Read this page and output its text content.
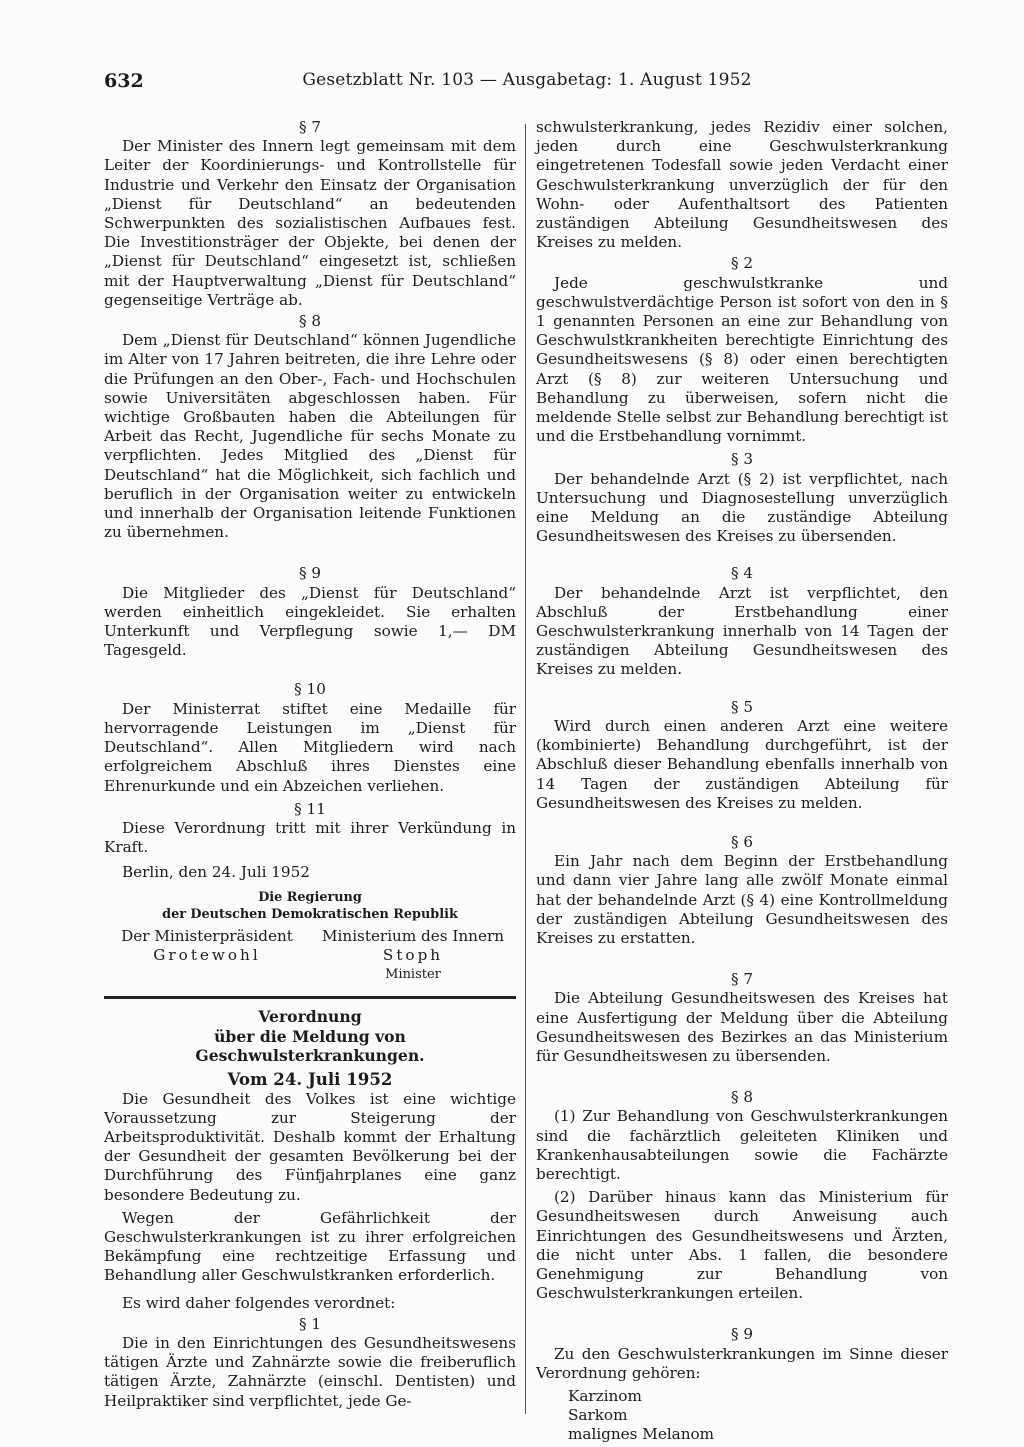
632	Gesetzblatt Nr. 103 — Ausgabetag: 1. August 1952

§ 7

Der Minister des Innern legt gemeinsam mit dem Leiter der Koordinierungs- und Kontrollstelle für Industrie und Verkehr den Einsatz der Organisation „Dienst für Deutschland“ an bedeutenden Schwerpunkten des sozialistischen Aufbaues fest. Die Investitionsträger der Objekte, bei denen der „Dienst für Deutschland“ eingesetzt ist, schließen mit der Hauptverwaltung „Dienst für Deutschland“ gegenseitige Verträge ab.

§ 8

Dem „Dienst für Deutschland“ können Jugendliche im Alter von 17 Jahren beitreten, die ihre Lehre oder die Prüfungen an den Ober-, Fach- und Hochschulen sowie Universitäten abgeschlossen haben. Für wichtige Großbauten haben die Abteilungen für Arbeit das Recht, Jugendliche für sechs Monate zu verpflichten. Jedes Mitglied des „Dienst für Deutschland“ hat die Möglichkeit, sich fachlich und beruflich in der Organisation weiter zu entwickeln und innerhalb der Organisation leitende Funktionen zu übernehmen.

§ 9

Die Mitglieder des „Dienst für Deutschland“ werden einheitlich eingekleidet. Sie erhalten Unterkunft und Verpflegung sowie 1,— DM Tagesgeld.

§ 10

Der Ministerrat stiftet eine Medaille für hervorragende Leistungen im „Dienst für Deutschland“. Allen Mitgliedern wird nach erfolgreichem Abschluß ihres Dienstes eine Ehrenurkunde und ein Abzeichen verliehen.

§ 11

Diese Verordnung tritt mit ihrer Verkündung in Kraft.

Berlin, den 24. Juli 1952

Die Regierung

der Deutschen Demokratischen Republik

Der Ministerpräsident
Grotewohl
Ministerium des Innern
Stoph
Minister

Verordnung

über die Meldung von Geschwulsterkrankungen.

Vom 24. Juli 1952

Die Gesundheit des Volkes ist eine wichtige Voraussetzung zur Steigerung der Arbeitsproduktivität. Deshalb kommt der Erhaltung der Gesundheit der gesamten Bevölkerung bei der Durchführung des Fünfjahrplanes eine ganz besondere Bedeutung zu.

Wegen der Gefährlichkeit der Geschwulsterkrankungen ist zu ihrer erfolgreichen Bekämpfung eine rechtzeitige Erfassung und Behandlung aller Geschwulstkranken erforderlich.

Es wird daher folgendes verordnet:

§ 1

Die in den Einrichtungen des Gesundheitswesens tätigen Ärzte und Zahnärzte sowie die freiberuflich tätigen Ärzte, Zahnärzte (einschl. Dentisten) und Heilpraktiker sind verpflichtet, jede Ge-

schwulsterkrankung, jedes Rezidiv einer solchen, jeden durch eine Geschwulsterkrankung eingetretenen Todesfall sowie jeden Verdacht einer Geschwulsterkrankung unverzüglich der für den Wohn- oder Aufenthaltsort des Patienten zuständigen Abteilung Gesundheitswesen des Kreises zu melden.

§ 2

Jede geschwulstkranke und geschwulstverdächtige Person ist sofort von den in § 1 genannten Personen an eine zur Behandlung von Geschwulstkrankheiten berechtigte Einrichtung des Gesundheitswesens (§ 8) oder einen berechtigten Arzt (§ 8) zur weiteren Untersuchung und Behandlung zu überweisen, sofern nicht die meldende Stelle selbst zur Behandlung berechtigt ist und die Erstbehandlung vornimmt.

§ 3

Der behandelnde Arzt (§ 2) ist verpflichtet, nach Untersuchung und Diagnosestellung unverzüglich eine Meldung an die zuständige Abteilung Gesundheitswesen des Kreises zu übersenden.

§ 4

Der behandelnde Arzt ist verpflichtet, den Abschluß der Erstbehandlung einer Geschwulsterkrankung innerhalb von 14 Tagen der zuständigen Abteilung Gesundheitswesen des Kreises zu melden.

§ 5

Wird durch einen anderen Arzt eine weitere (kombinierte) Behandlung durchgeführt, ist der Abschluß dieser Behandlung ebenfalls innerhalb von 14 Tagen der zuständigen Abteilung für Gesundheitswesen des Kreises zu melden.

§ 6

Ein Jahr nach dem Beginn der Erstbehandlung und dann vier Jahre lang alle zwölf Monate einmal hat der behandelnde Arzt (§ 4) eine Kontrollmeldung der zuständigen Abteilung Gesundheitswesen des Kreises zu erstatten.

§ 7

Die Abteilung Gesundheitswesen des Kreises hat eine Ausfertigung der Meldung über die Abteilung Gesundheitswesen des Bezirkes an das Ministerium für Gesundheitswesen zu übersenden.

§ 8

(1) Zur Behandlung von Geschwulsterkrankungen sind die fachärztlich geleiteten Kliniken und Krankenhausabteilungen sowie die Fachärzte berechtigt.

(2) Darüber hinaus kann das Ministerium für Gesundheitswesen durch Anweisung auch Einrichtungen des Gesundheitswesens und Ärzten, die nicht unter Abs. 1 fallen, die besondere Genehmigung zur Behandlung von Geschwulsterkrankungen erteilen.

§ 9

Zu den Geschwulsterkrankungen im Sinne dieser Verordnung gehören:

Karzinom
Sarkom
malignes Melanom
